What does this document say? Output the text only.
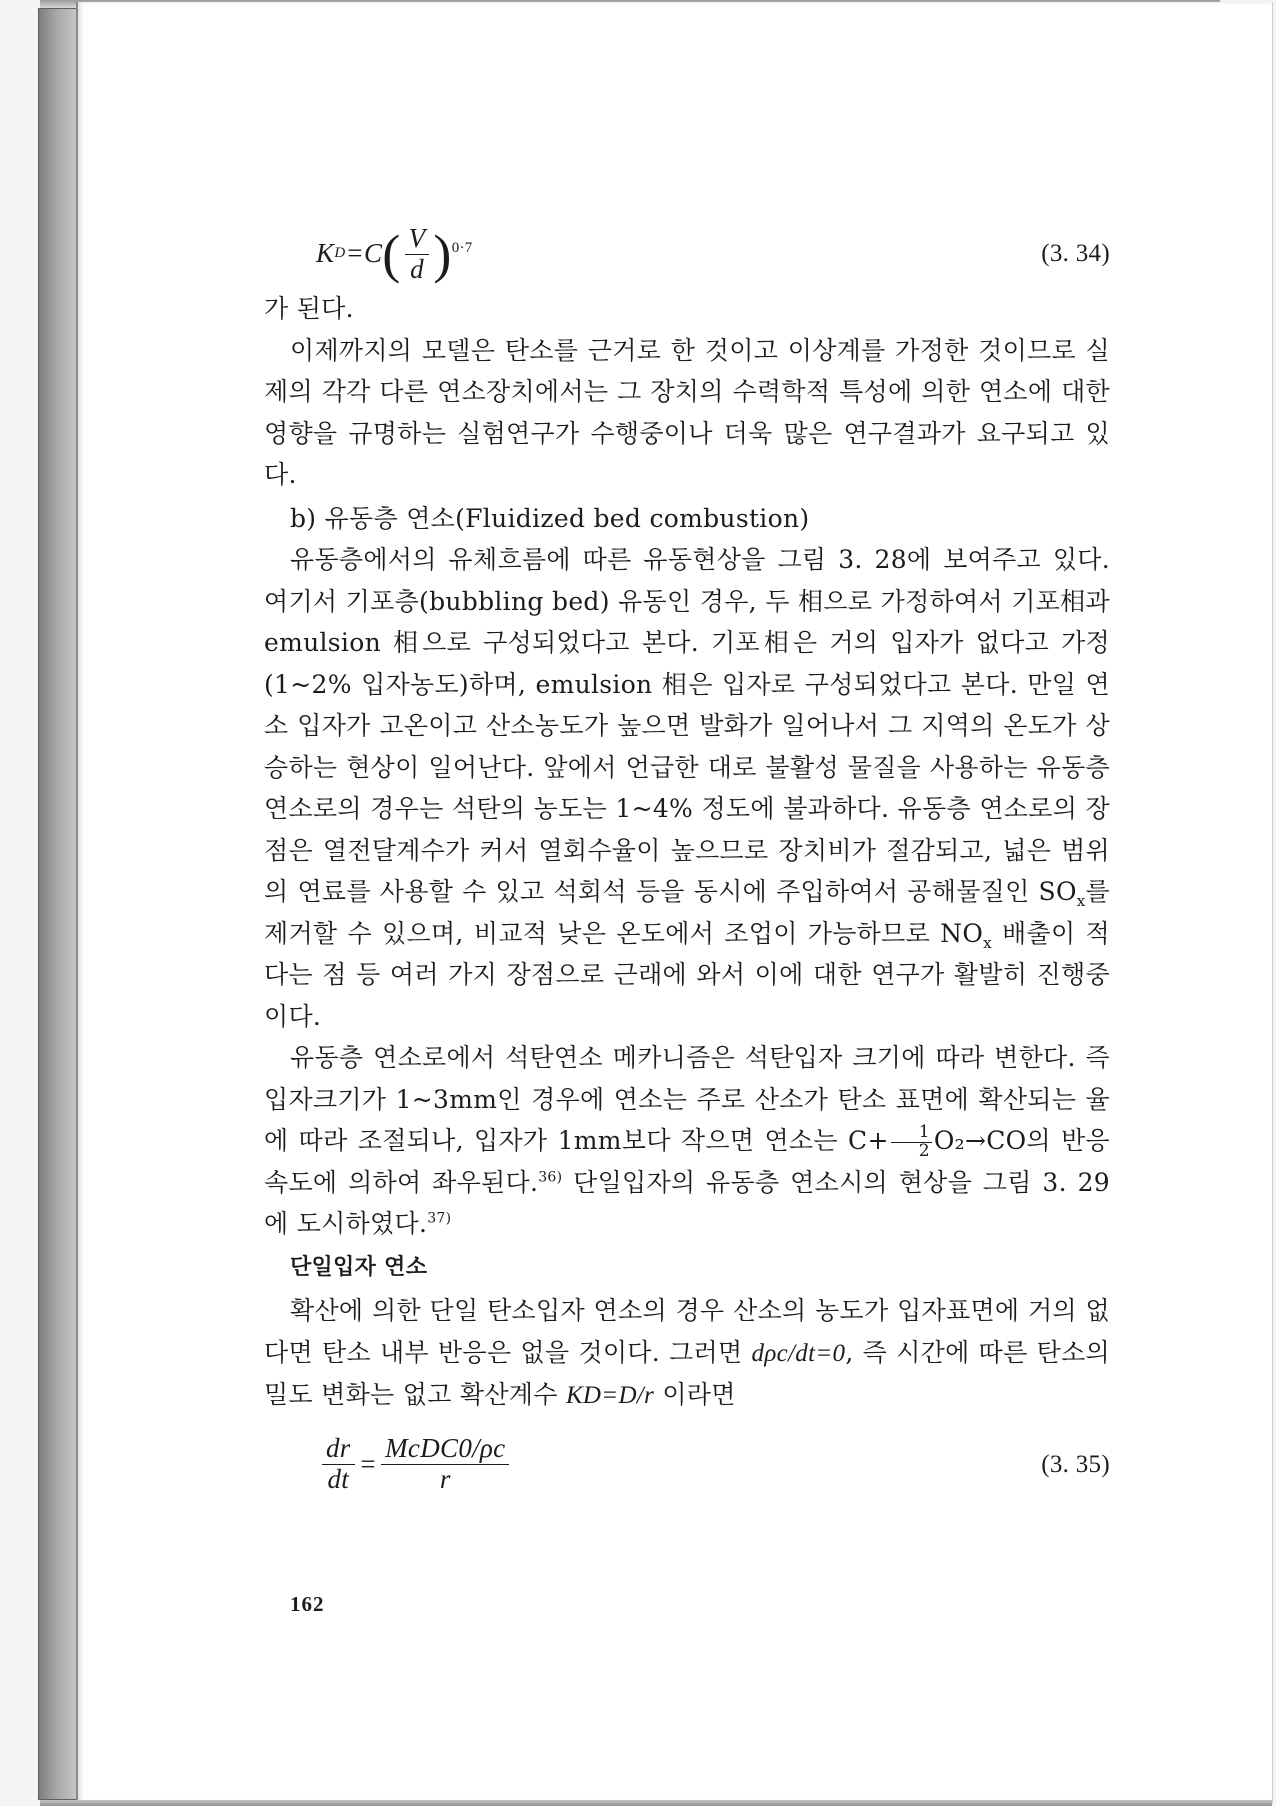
K D =C ( $\frac{V}{d}$ ) 0·7	(3. 34)

가 된다.

이제까지의 모델은 탄소를 근거로 한 것이고 이상계를 가정한 것이므로 실제의 각각 다른 연소장치에서는 그 장치의 수력학적 특성에 의한 연소에 대한 영향을 규명하는 실험연구가 수행중이나 더욱 많은 연구결과가 요구되고 있다.

b) 유동층 연소(Fluidized bed combustion)

유동층에서의 유체흐름에 따른 유동현상을 그림 3. 28에 보여주고 있다. 여기서 기포층(bubbling bed) 유동인 경우, 두 相으로 가정하여서 기포相과 emulsion 相으로 구성되었다고 본다. 기포相은 거의 입자가 없다고 가정(1~2% 입자농도)하며, emulsion 相은 입자로 구성되었다고 본다. 만일 연소 입자가 고온이고 산소농도가 높으면 발화가 일어나서 그 지역의 온도가 상승하는 현상이 일어난다. 앞에서 언급한 대로 불활성 물질을 사용하는 유동층 연소로의 경우는 석탄의 농도는 1~4% 정도에 불과하다. 유동층 연소로의 장점은 열전달계수가 커서 열회수율이 높으므로 장치비가 절감되고, 넓은 범위의 연료를 사용할 수 있고 석회석 등을 동시에 주입하여서 공해물질인 $SO_x$를 제거할 수 있으며, 비교적 낮은 온도에서 조업이 가능하므로 $NO_x$ 배출이 적다는 점 등 여러 가지 장점으로 근래에 와서 이에 대한 연구가 활발히 진행중이다.

유동층 연소로에서 석탄연소 메카니즘은 석탄입자 크기에 따라 변한다. 즉 입자크기가 1~3mm인 경우에 연소는 주로 산소가 탄소 표면에 확산되는 율에 따라 조절되나, 입자가 1mm보다 작으면 연소는 $C+ \frac{1}{2} O_2\to CO$의 반응속도에 의하여 좌우된다.$^{36)}$ 단일입자의 유동층 연소시의 현상을 그림 3. 29에 도시하였다.$^{37)}$

단일입자 연소

확산에 의한 단일 탄소입자 연소의 경우 산소의 농도가 입자표면에 거의 없다면 탄소 내부 반응은 없을 것이다. 그러면 dρc/dt=0, 즉 시간에 따른 탄소의 밀도 변화는 없고 확산계수 KD=D/r 이라면

$\frac{dr}{dt} = \frac{\text{McDC0/ρc}}{r}$	(3. 35)
162
